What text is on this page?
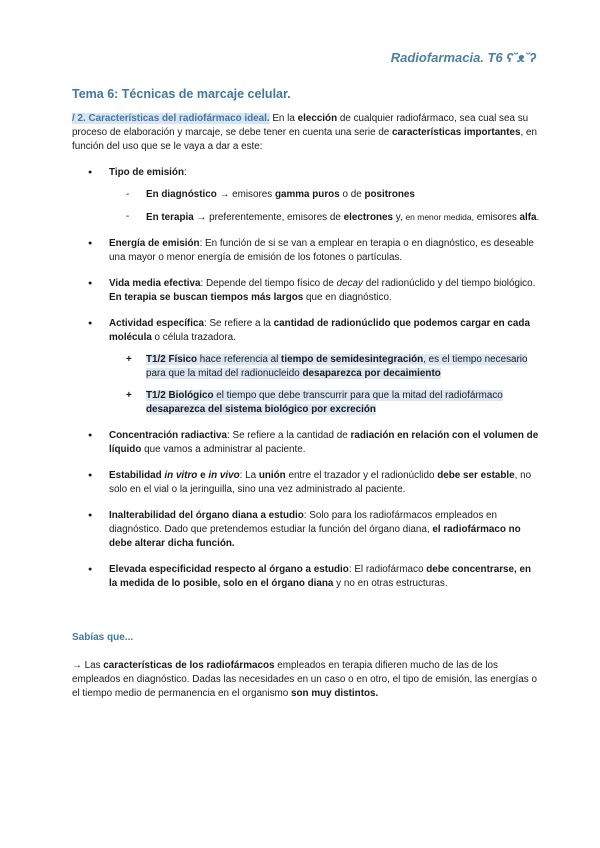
Radiofarmacia. T6 ʕ˘ᴥ˘ʔ
Tema 6: Técnicas de marcaje celular.

/ 2. Características del radiofármaco ideal. En la elección de cualquier radiofármaco, sea cual sea su proceso de elaboración y marcaje, se debe tener en cuenta una serie de características importantes, en función del uso que se le vaya a dar a este:

● Tipo de emisión:
- En diagnóstico → emisores gamma puros o de positrones
- En terapia → preferentemente, emisores de electrones y, en menor medida, emisores alfa.
● Energía de emisión: En función de si se van a emplear en terapia o en diagnóstico, es deseable una mayor o menor energía de emisión de los fotones o partículas.
● Vida media efectiva: Depende del tiempo físico de decay del radionúclido y del tiempo biológico. En terapia se buscan tiempos más largos que en diagnóstico.
● Actividad específica: Se refiere a la cantidad de radionúclido que podemos cargar en cada molécula o célula trazadora.
+ T1/2 Físico hace referencia al tiempo de semidesintegración, es el tiempo necesario para que la mitad del radionucleido desaparezca por decaimiento
+ T1/2 Biológico el tiempo que debe transcurrir para que la mitad del radiofármaco desaparezca del sistema biológico por excreción
● Concentración radiactiva: Se refiere a la cantidad de radiación en relación con el volumen de líquido que vamos a administrar al paciente.
● Estabilidad in vitro e in vivo: La unión entre el trazador y el radionúclido debe ser estable, no solo en el vial o la jeringuilla, sino una vez administrado al paciente.
● Inalterabilidad del órgano diana a estudio: Solo para los radiofármacos empleados en diagnóstico. Dado que pretendemos estudiar la función del órgano diana, el radiofármaco no debe alterar dicha función.
● Elevada especificidad respecto al órgano a estudio: El radiofármaco debe concentrarse, en la medida de lo posible, solo en el órgano diana y no en otras estructuras.
Sabías que...

→ Las características de los radiofármacos empleados en terapia difieren mucho de las de los empleados en diagnóstico. Dadas las necesidades en un caso o en otro, el tipo de emisión, las energías o el tiempo medio de permanencia en el organismo son muy distintos.
